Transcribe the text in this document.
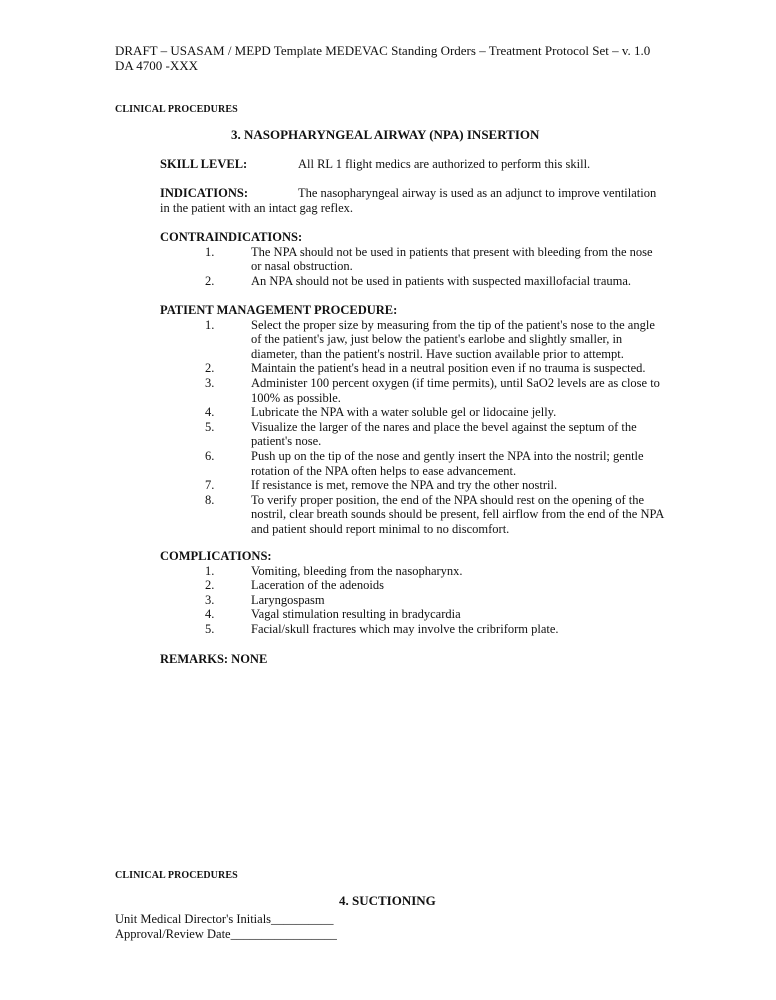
DRAFT – USASAM / MEPD Template MEDEVAC Standing Orders – Treatment Protocol Set – v. 1.0
DA 4700 -XXX
CLINICAL PROCEDURES
3. NASOPHARYNGEAL AIRWAY (NPA) INSERTION
SKILL LEVEL:	All RL 1 flight medics are authorized to perform this skill.
INDICATIONS:	The nasopharyngeal airway is used as an adjunct to improve ventilation
in the patient with an intact gag reflex.
CONTRAINDICATIONS:
1.	The NPA should not be used in patients that present with bleeding from the nose or nasal obstruction.
2.	An NPA should not be used in patients with suspected maxillofacial trauma.
PATIENT MANAGEMENT PROCEDURE:
1.	Select the proper size by measuring from the tip of the patient's nose to the angle of the patient's jaw, just below the patient's earlobe and slightly smaller, in diameter, than the patient's nostril. Have suction available prior to attempt.
2.	Maintain the patient's head in a neutral position even if no trauma is suspected.
3.	Administer 100 percent oxygen (if time permits), until SaO2 levels are as close to 100% as possible.
4.	Lubricate the NPA with a water soluble gel or lidocaine jelly.
5.	Visualize the larger of the nares and place the bevel against the septum of the patient's nose.
6.	Push up on the tip of the nose and gently insert the NPA into the nostril; gentle rotation of the NPA often helps to ease advancement.
7.	If resistance is met, remove the NPA and try the other nostril.
8.	To verify proper position, the end of the NPA should rest on the opening of the nostril, clear breath sounds should be present, fell airflow from the end of the NPA and patient should report minimal to no discomfort.
COMPLICATIONS:
1.	Vomiting, bleeding from the nasopharynx.
2.	Laceration of the adenoids
3.	Laryngospasm
4.	Vagal stimulation resulting in bradycardia
5.	Facial/skull fractures which may involve the cribriform plate.
REMARKS: NONE
CLINICAL PROCEDURES
4. SUCTIONING
Unit Medical Director's Initials__________
Approval/Review Date_________________
